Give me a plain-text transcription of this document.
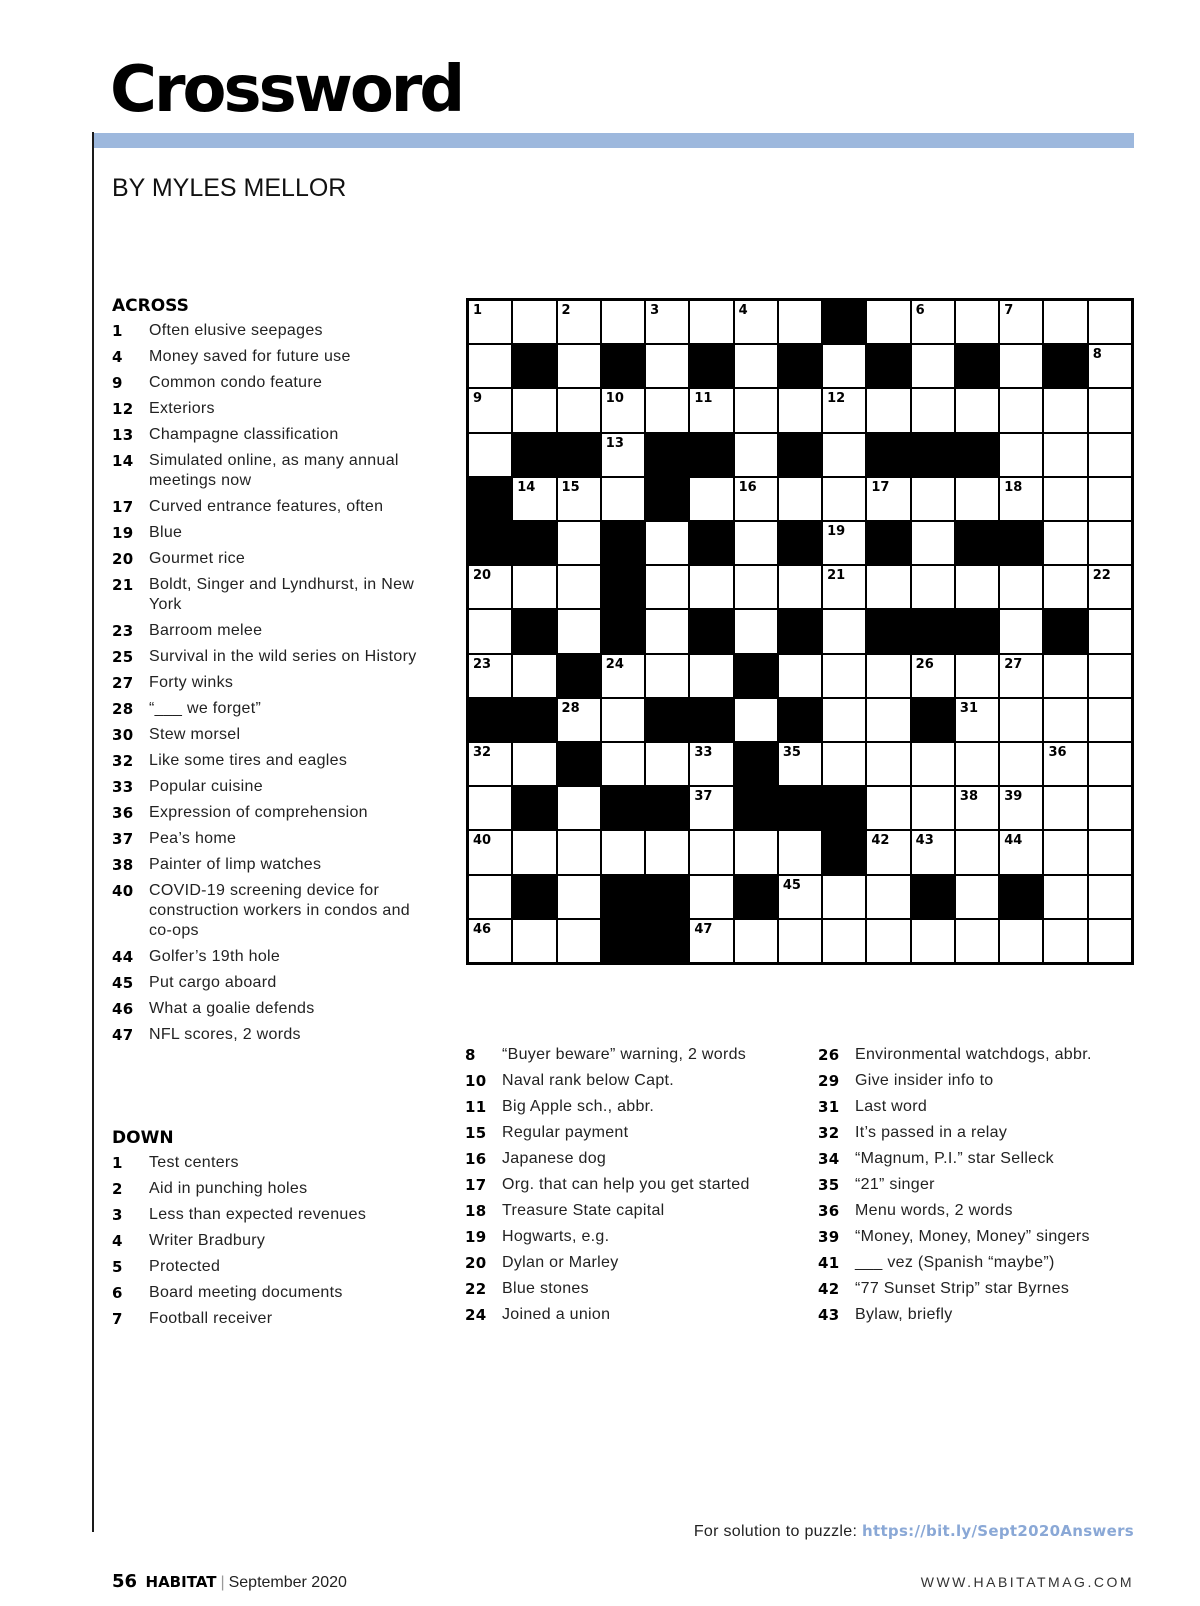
Crossword
BY MYLES MELLOR
ACROSS
1	Often elusive seepages
4	Money saved for future use
9	Common condo feature
12 Exteriors
13 Champagne classification
14 Simulated online, as many annual meetings now
17 Curved entrance features, often
19 Blue
20 Gourmet rice
21 Boldt, Singer and Lyndhurst, in New York
23 Barroom melee
25 Survival in the wild series on History
27 Forty winks
28 “___ we forget”
30 Stew morsel
32 Like some tires and eagles
33 Popular cuisine
36 Expression of comprehension
37 Pea’s home
38 Painter of limp watches
40 COVID-19 screening device for construction workers in condos and co-ops
44 Golfer’s 19th hole
45 Put cargo aboard
46 What a goalie defends
47 NFL scores, 2 words
DOWN
1	Test centers
2	Aid in punching holes
3	Less than expected revenues
4	Writer Bradbury
5	Protected
6	Board meeting documents
7	Football receiver
8	“Buyer beware” warning, 2 words
10 Naval rank below Capt.
11 Big Apple sch., abbr.
15 Regular payment
16 Japanese dog
17 Org. that can help you get started
18 Treasure State capital
19 Hogwarts, e.g.
20 Dylan or Marley
22 Blue stones
24 Joined a union
26 Environmental watchdogs, abbr.
29 Give insider info to
31 Last word
32 It’s passed in a relay
34 “Magnum, P.I.” star Selleck
35 “21” singer
36 Menu words, 2 words
39 “Money, Money, Money” singers
41 ___ vez (Spanish “maybe”)
42 “77 Sunset Strip” star Byrnes
43 Bylaw, briefly
1	2	3	4	6	7
8
9	10	11	12
13
14 15	16	17	18
19
20	21	22
23	24	26	27
28	31
32	33	35	36
37	38 39
40	42 43	44
45
46	47
For solution to puzzle: https://bit.ly/Sept2020Answers
56 HABITAT | September 2020	WWW.HABITATMAG.COM
